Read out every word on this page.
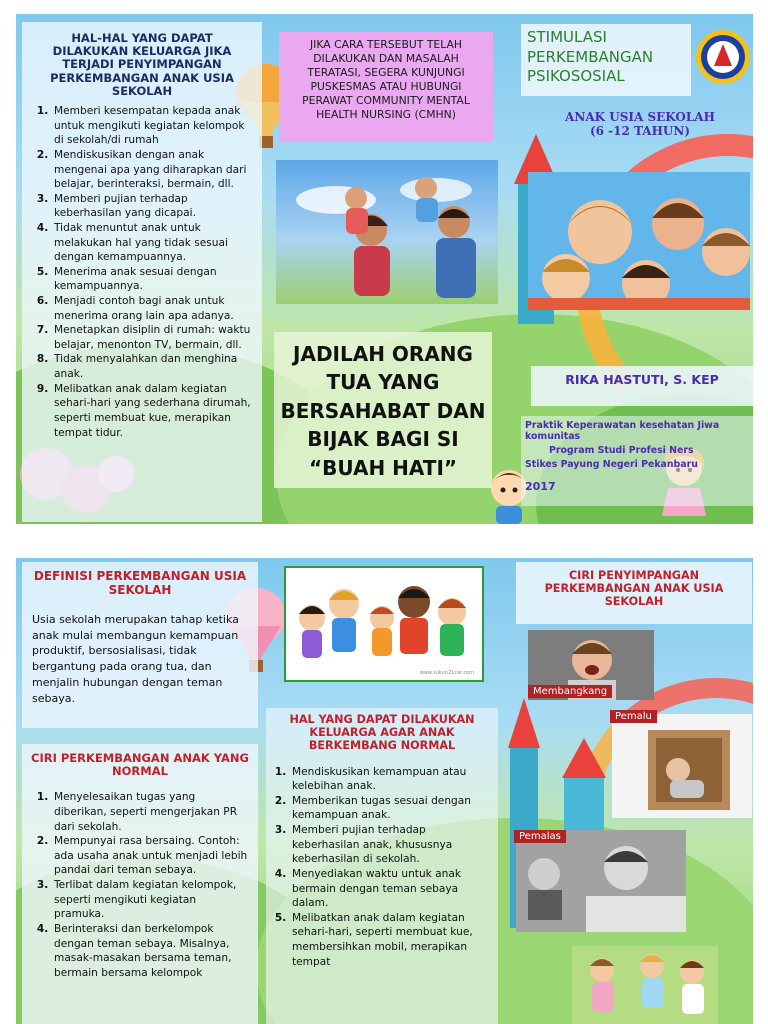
HAL-HAL YANG DAPAT DILAKUKAN KELUARGA JIKA TERJADI PENYIMPANGAN PERKEMBANGAN ANAK USIA SEKOLAH

1. Memberi kesempatan kepada anak untuk mengikuti kegiatan kelompok di sekolah/di rumah
2. Mendiskusikan dengan anak mengenai apa yang diharapkan dari belajar, berinteraksi, bermain, dll.
3. Memberi pujian terhadap keberhasilan yang dicapai.
4. Tidak menuntut anak untuk melakukan hal yang tidak sesuai dengan kemampuannya.
5. Menerima anak sesuai dengan kemampuannya.
6. Menjadi contoh bagi anak untuk menerima orang lain apa adanya.
7. Menetapkan disiplin di rumah: waktu belajar, menonton TV, bermain, dll.
8. Tidak menyalahkan dan menghina anak.
9. Melibatkan anak dalam kegiatan sehari-hari yang sederhana dirumah, seperti membuat kue, merapikan tempat tidur.

JIKA CARA TERSEBUT TELAH DILAKUKAN DAN MASALAH TERATASI, SEGERA KUNJUNGI PUSKESMAS ATAU HUBUNGI PERAWAT COMMUNITY MENTAL HEALTH NURSING (CMHN)

JADILAH ORANG TUA YANG BERSAHABAT DAN BIJAK BAGI SI “BUAH HATI”

STIMULASI PERKEMBANGAN PSIKOSOSIAL

ANAK USIA SEKOLAH

(6 -12 TAHUN)

RIKA HASTUTI, S. KEP

Praktik Keperawatan kesehatan Jiwa komunitas

Program Studi Profesi Ners

Stikes Payung Negeri Pekanbaru

2017

DEFINISI PERKEMBANGAN USIA SEKOLAH

Usia sekolah merupakan tahap ketika anak mulai membangun kemampuan produktif, bersosialisasi, tidak bergantung pada orang tua, dan menjalin hubungan dengan teman sebaya.

CIRI PERKEMBANGAN ANAK YANG NORMAL

1. Menyelesaikan tugas yang diberikan, seperti mengerjakan PR dari sekolah.
2. Mempunyai rasa bersaing. Contoh: ada usaha anak untuk menjadi lebih pandai dari teman sebaya.
3. Terlibat dalam kegiatan kelompok, seperti mengikuti kegiatan pramuka.
4. Berinteraksi dan berkelompok dengan teman sebaya. Misalnya, masak-masakan bersama teman, bermain bersama kelompok
www.sukun21car.com

HAL YANG DAPAT DILAKUKAN KELUARGA AGAR ANAK BERKEMBANG NORMAL

1. Mendiskusikan kemampuan atau kelebihan anak.
2. Memberikan tugas sesuai dengan kemampuan anak.
3. Memberi pujian terhadap keberhasilan anak, khususnya keberhasilan di sekolah.
4. Menyediakan waktu untuk anak bermain dengan teman sebaya dalam.
5. Melibatkan anak dalam kegiatan sehari-hari, seperti membuat kue, membersihkan mobil, merapikan tempat

CIRI PENYIMPANGAN PERKEMBANGAN ANAK USIA SEKOLAH

Membangkang
Pemalu
Pemalas
